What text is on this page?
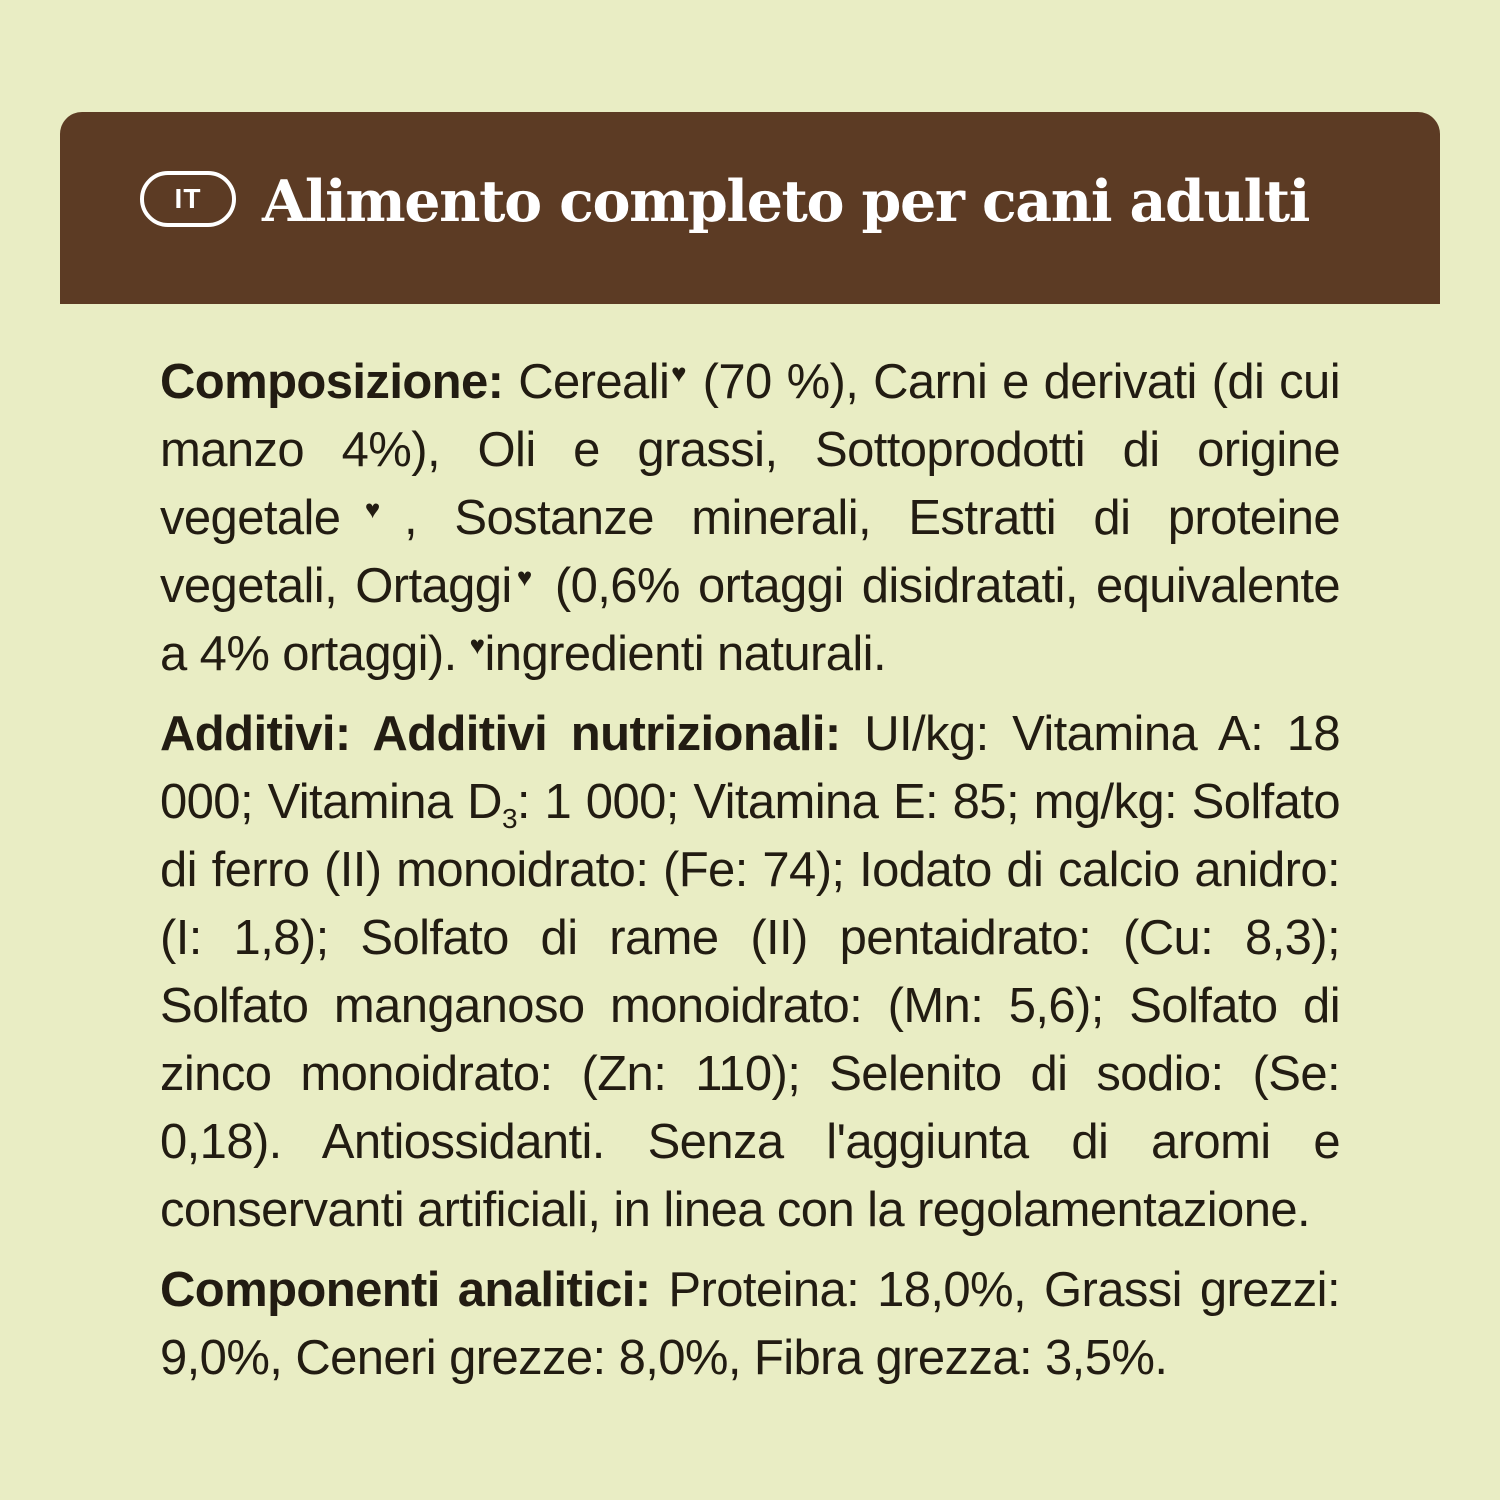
IT	Alimento completo per cani adulti

Composizione: Cereali♥ (70 %), Carni e derivati (di cui manzo 4%), Oli e grassi, Sottoprodotti di origine vegetale♥, Sostanze minerali, Estratti di proteine vegetali, Ortaggi♥ (0,6% ortaggi disidratati, equivalente a 4% ortaggi). ♥ingredienti naturali.

Additivi: Additivi nutrizionali: UI/kg: Vitamina A: 18 000; Vitamina $D_3$: 1 000; Vitamina E: 85; mg/kg: Solfato di ferro (II) monoidrato: (Fe: 74); Iodato di calcio anidro: (I: 1,8); Solfato di rame (II) pentaidrato: (Cu: 8,3); Solfato manganoso monoidrato: (Mn: 5,6); Solfato di zinco monoidrato: (Zn: 110); Selenito di sodio: (Se: 0,18). Antiossidanti. Senza l'aggiunta di aromi e conservanti artificiali, in linea con la regolamentazione.

Componenti analitici: Proteina: 18,0%, Grassi grezzi: 9,0%, Ceneri grezze: 8,0%, Fibra grezza: 3,5%.
